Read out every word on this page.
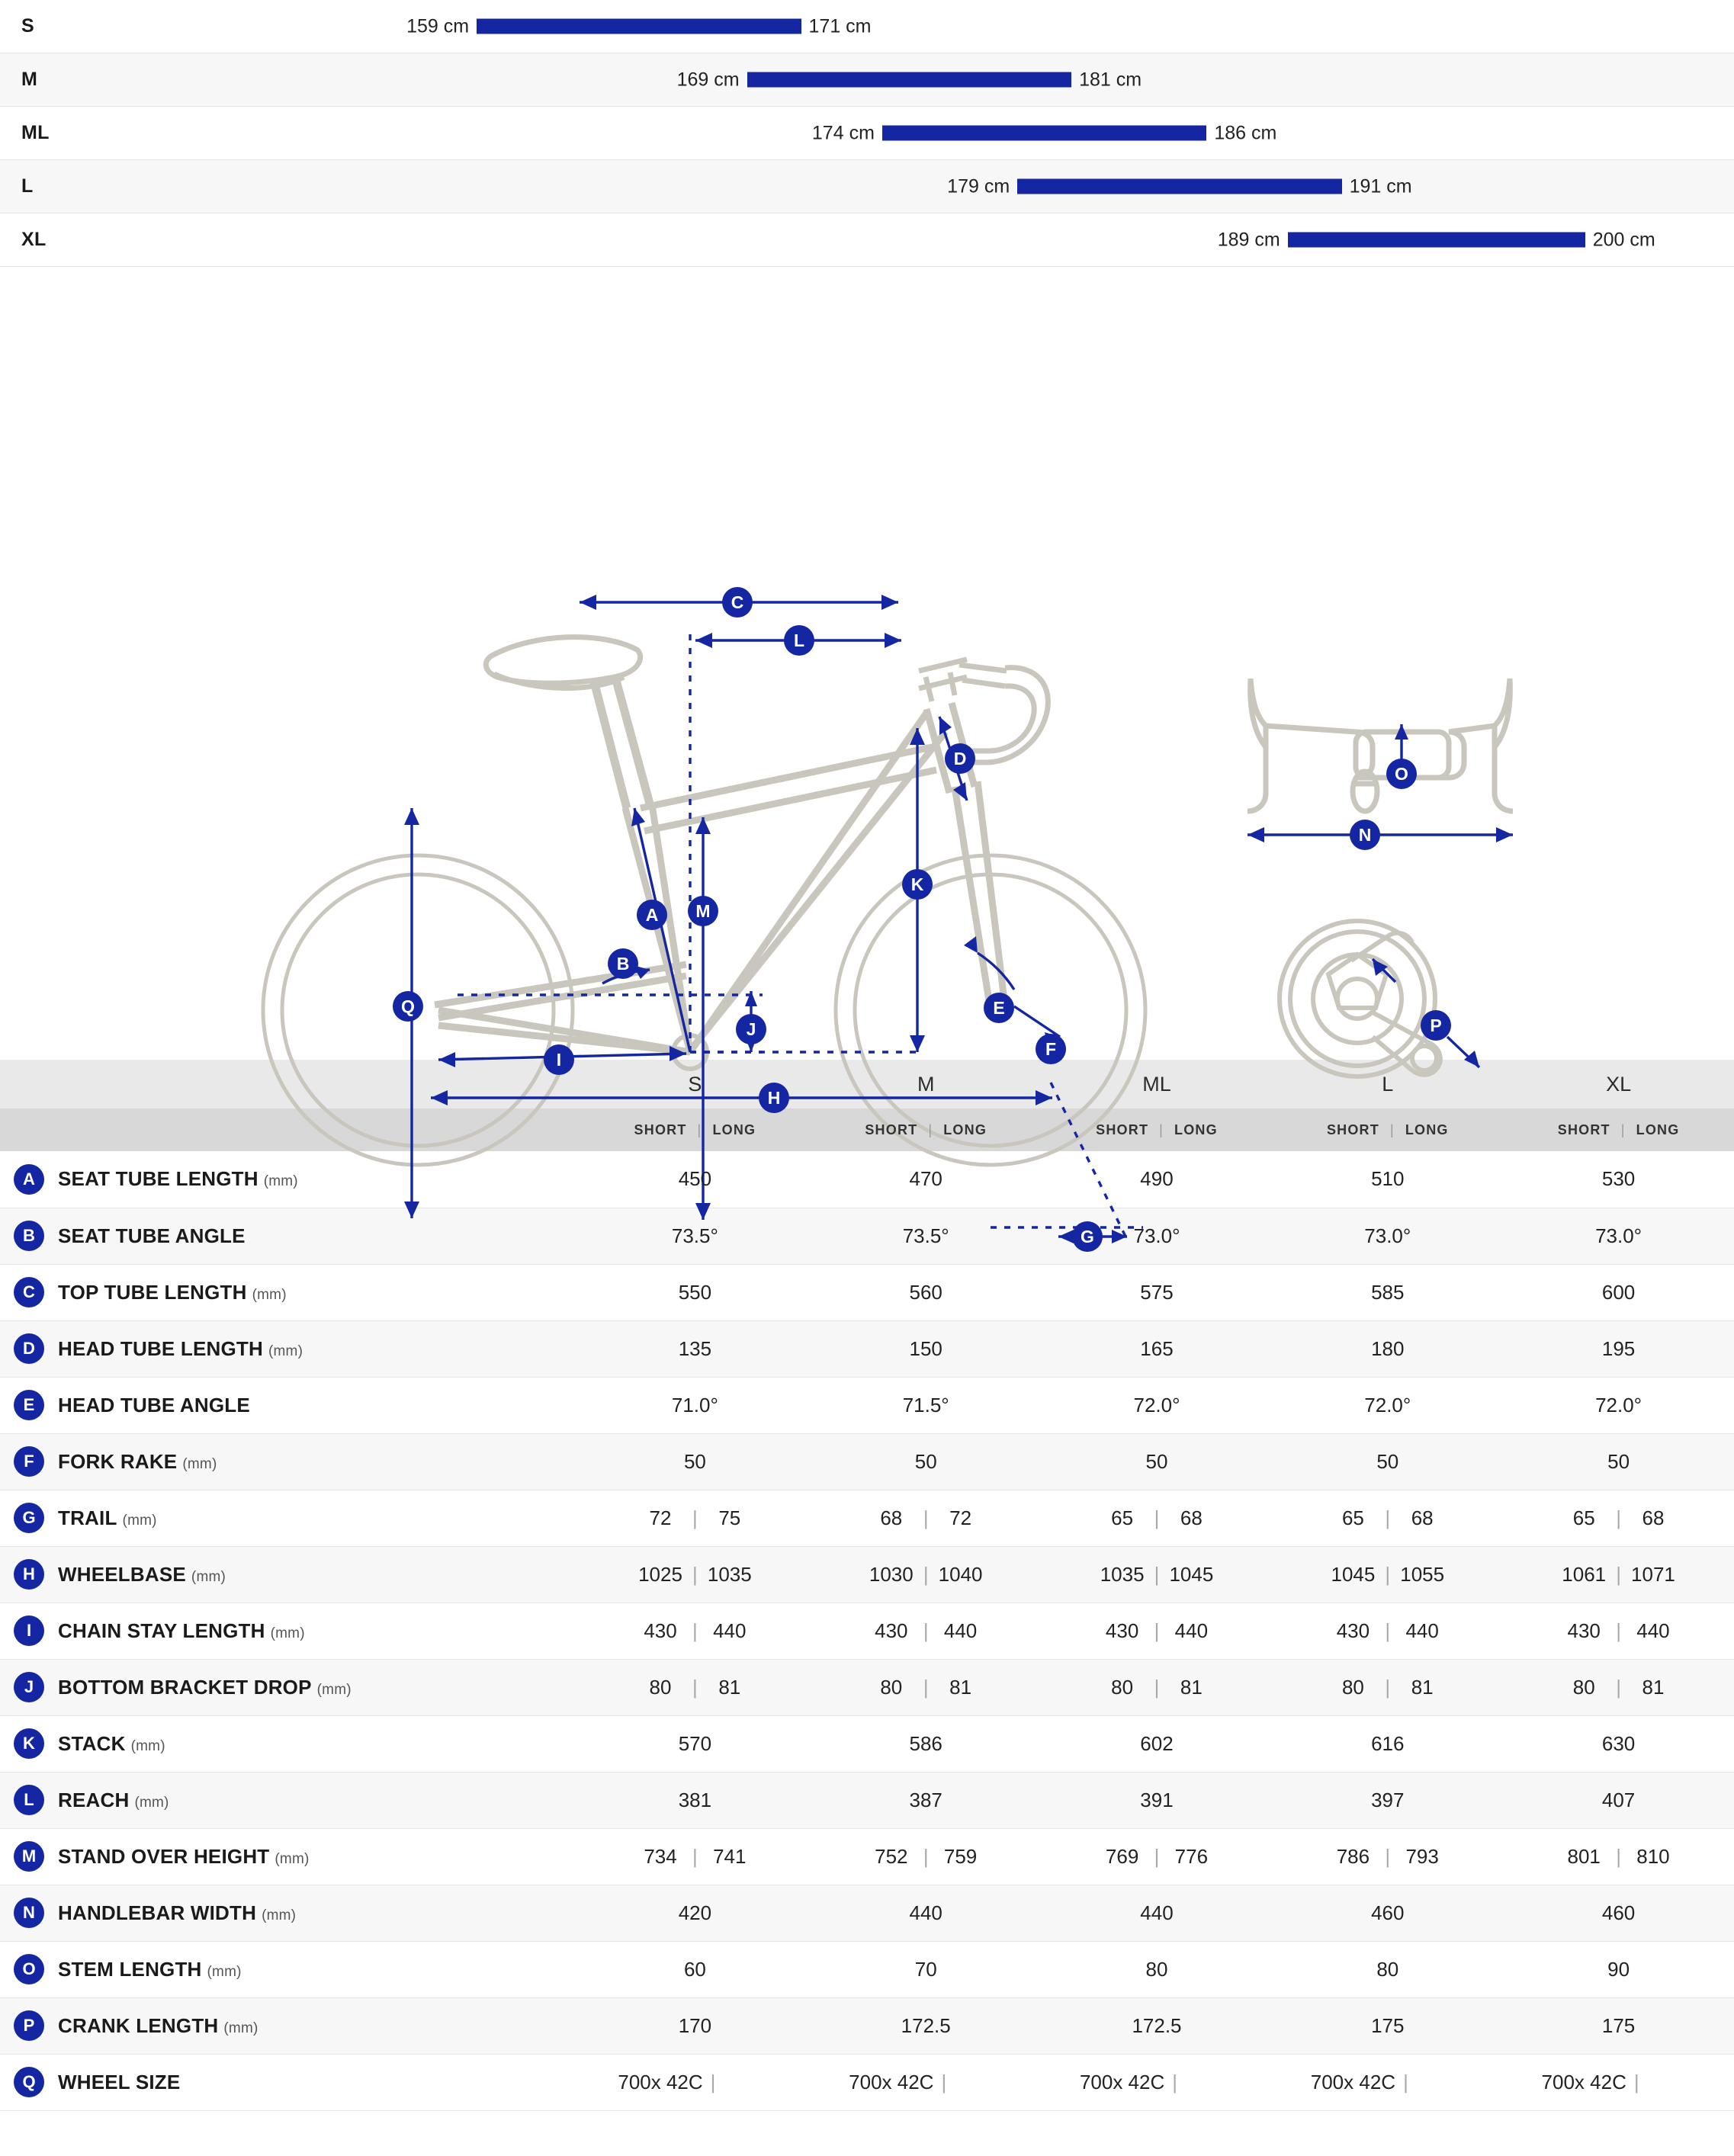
S	159 cm	171 cm
M	169 cm	181 cm
ML	174 cm	186 cm
L	179 cm	191 cm
XL	189 cm	200 cm
C
L
D
A
B
M
K
E
F
J
Q
I
H
G
O
N
P
	S	M	ML	L	XL
	SHORT | LONG	SHORT | LONG	SHORT | LONG	SHORT | LONG	SHORT | LONG

A SEAT TUBE LENGTH (mm)	450	470	490	510	530

B SEAT TUBE ANGLE	73.5°	73.5°	73.0°	73.0°	73.0°

C TOP TUBE LENGTH (mm)	550	560	575	585	600

D HEAD TUBE LENGTH (mm)	135	150	165	180	195

E HEAD TUBE ANGLE	71.0°	71.5°	72.0°	72.0°	72.0°

F FORK RAKE (mm)	50	50	50	50	50

G TRAIL (mm)	72 | 75	68 | 72	65 | 68	65 | 68	65 | 68

H WHEELBASE (mm)	1025 | 1035	1030 | 1040	1035 | 1045	1045 | 1055	1061 | 1071

I CHAIN STAY LENGTH (mm)	430 | 440	430 | 440	430 | 440	430 | 440	430 | 440

J BOTTOM BRACKET DROP (mm)	80 | 81	80 | 81	80 | 81	80 | 81	80 | 81

K STACK (mm)	570	586	602	616	630

L REACH (mm)	381	387	391	397	407

M STAND OVER HEIGHT (mm)	734 | 741	752 | 759	769 | 776	786 | 793	801 | 810

N HANDLEBAR WIDTH (mm)	420	440	440	460	460

O STEM LENGTH (mm)	60	70	80	80	90

P CRANK LENGTH (mm)	170	172.5	172.5	175	175

Q WHEEL SIZE	700x 42C |	700x 42C |	700x 42C |	700x 42C |	700x 42C |
